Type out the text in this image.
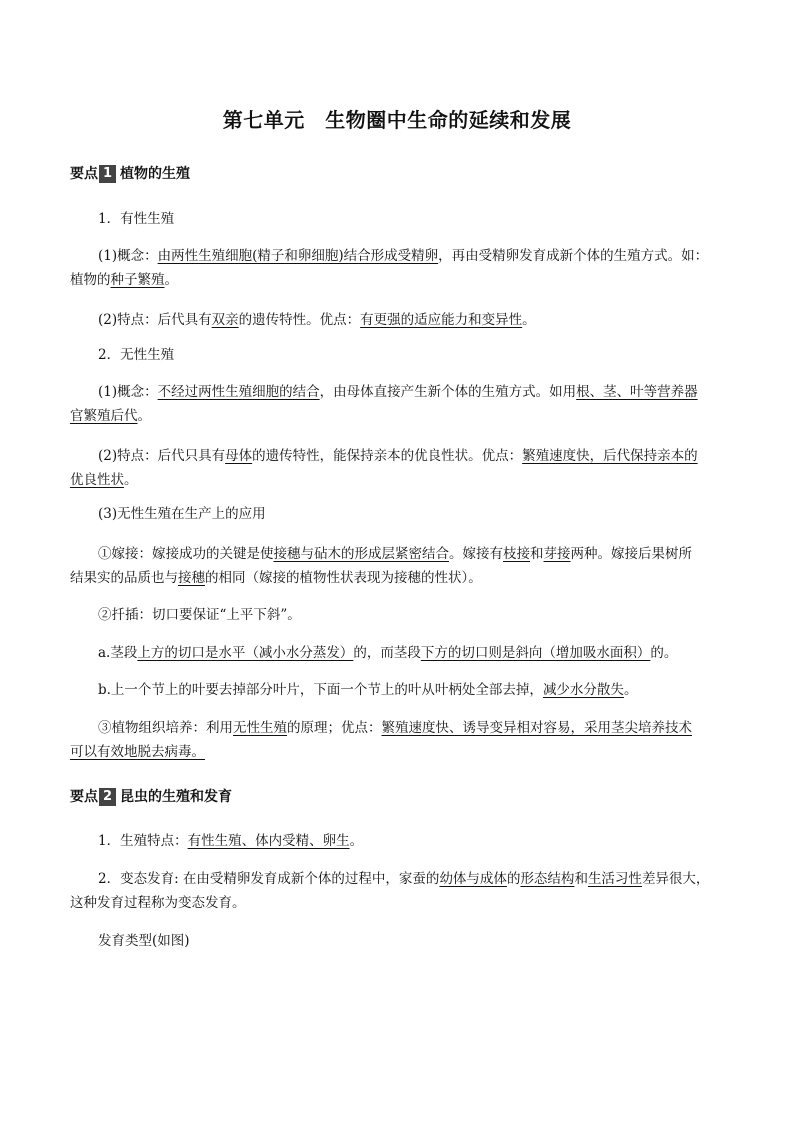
第七单元　生物圈中生命的延续和发展
要点 1 植物的生殖
1．有性生殖
(1)概念：由两性生殖细胞(精子和卵细胞)结合形成受精卵，再由受精卵发育成新个体的生殖方式。如：
植物的种子繁殖。
(2)特点：后代具有双亲的遗传特性。优点：有更强的适应能力和变异性。
2．无性生殖
(1)概念：不经过两性生殖细胞的结合，由母体直接产生新个体的生殖方式。如用根、茎、叶等营养器
官繁殖后代。
(2)特点：后代只具有母体的遗传特性，能保持亲本的优良性状。优点：繁殖速度快，后代保持亲本的
优良性状。
(3)无性生殖在生产上的应用
①嫁接：嫁接成功的关键是使接穗与砧木的形成层紧密结合。嫁接有枝接和芽接两种。嫁接后果树所
结果实的品质也与接穗的相同（嫁接的植物性状表现为接穗的性状）。
②扦插：切口要保证“上平下斜”。
a.茎段上方的切口是水平（减小水分蒸发）的，而茎段下方的切口则是斜向（增加吸水面积）的。
b.上一个节上的叶要去掉部分叶片，下面一个节上的叶从叶柄处全部去掉，减少水分散失。
③植物组织培养：利用无性生殖的原理；优点：繁殖速度快、诱导变异相对容易，采用茎尖培养技术
可以有效地脱去病毒。
要点 2 昆虫的生殖和发育
1．生殖特点：有性生殖、体内受精、卵生。
2．变态发育: 在由受精卵发育成新个体的过程中，家蚕的幼体与成体的形态结构和生活习性差异很大，
这种发育过程称为变态发育。
发育类型(如图)
